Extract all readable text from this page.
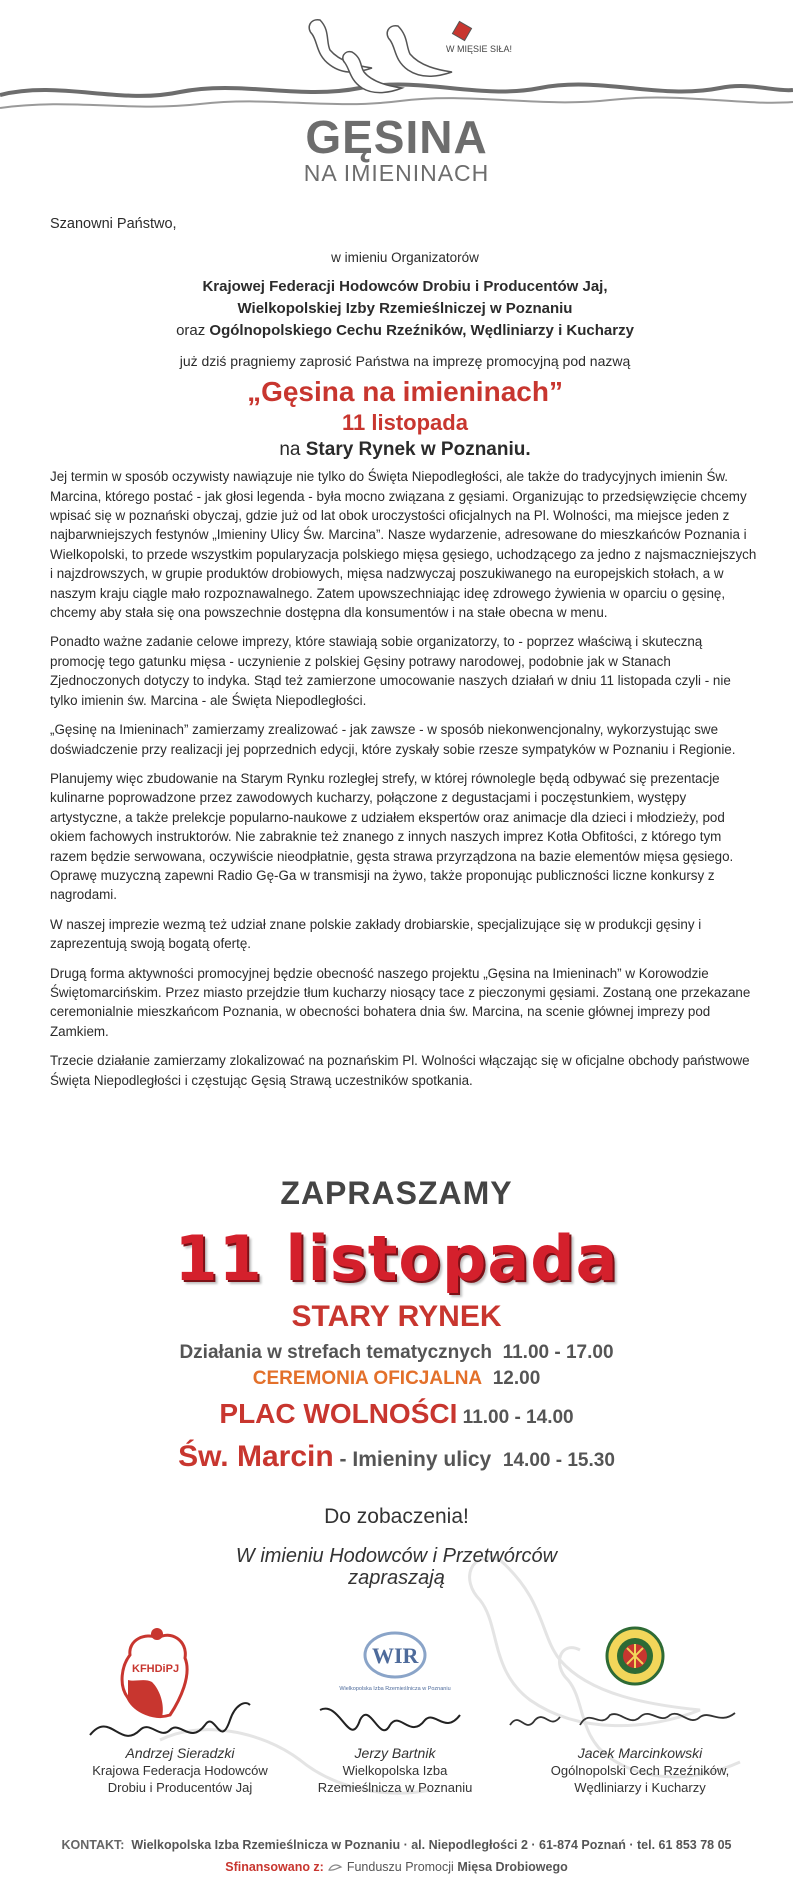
W MIĘSIE SIŁA!
GĘSINA
NA IMIENINACH

Szanowni Państwo,

w imieniu Organizatorów
Krajowej Federacji Hodowców Drobiu i Producentów Jaj,
Wielkopolskiej Izby Rzemieślniczej w Poznaniu
oraz Ogólnopolskiego Cechu Rzeźników, Wędliniarzy i Kucharzy
już dziś pragniemy zaprosić Państwa na imprezę promocyjną pod nazwą
„Gęsina na imieninach”
11 listopada
na Stary Rynek w Poznaniu.

Jej termin w sposób oczywisty nawiązuje nie tylko do Święta Niepodległości, ale także do tradycyjnych imienin Św. Marcina, którego postać - jak głosi legenda - była mocno związana z gęsiami. Organizując to przedsięwzięcie chcemy wpisać się w poznański obyczaj, gdzie już od lat obok uroczystości oficjalnych na Pl. Wolności, ma miejsce jeden z najbarwniejszych festynów „Imieniny Ulicy Św. Marcina”. Nasze wydarzenie, adresowane do mieszkańców Poznania i Wielkopolski, to przede wszystkim popularyzacja polskiego mięsa gęsiego, uchodzącego za jedno z najsmaczniejszych i najzdrowszych, w grupie produktów drobiowych, mięsa nadzwyczaj poszukiwanego na europejskich stołach, a w naszym kraju ciągle mało rozpoznawalnego. Zatem upowszechniając ideę zdrowego żywienia w oparciu o gęsinę, chcemy aby stała się ona powszechnie dostępna dla konsumentów i na stałe obecna w menu.

Ponadto ważne zadanie celowe imprezy, które stawiają sobie organizatorzy, to - poprzez właściwą i skuteczną promocję tego gatunku mięsa - uczynienie z polskiej Gęsiny potrawy narodowej, podobnie jak w Stanach Zjednoczonych dotyczy to indyka. Stąd też zamierzone umocowanie naszych działań w dniu 11 listopada czyli - nie tylko imienin św. Marcina - ale Święta Niepodległości.

„Gęsinę na Imieninach” zamierzamy zrealizować - jak zawsze - w sposób niekonwencjonalny, wykorzystując swe doświadczenie przy realizacji jej poprzednich edycji, które zyskały sobie rzesze sympatyków w Poznaniu i Regionie.

Planujemy więc zbudowanie na Starym Rynku rozległej strefy, w której równolegle będą odbywać się prezentacje kulinarne poprowadzone przez zawodowych kucharzy, połączone z degustacjami i poczęstunkiem, występy artystyczne, a także prelekcje popularno-naukowe z udziałem ekspertów oraz animacje dla dzieci i młodzieży, pod okiem fachowych instruktorów. Nie zabraknie też znanego z innych naszych imprez Kotła Obfitości, z którego tym razem będzie serwowana, oczywiście nieodpłatnie, gęsta strawa przyrządzona na bazie elementów mięsa gęsiego. Oprawę muzyczną zapewni Radio Gę-Ga w transmisji na żywo, także proponując publiczności liczne konkursy z nagrodami.

W naszej imprezie wezmą też udział znane polskie zakłady drobiarskie, specjalizujące się w produkcji gęsiny i zaprezentują swoją bogatą ofertę.

Drugą forma aktywności promocyjnej będzie obecność naszego projektu „Gęsina na Imieninach” w Korowodzie Świętomarcińskim. Przez miasto przejdzie tłum kucharzy niosący tace z pieczonymi gęsiami. Zostaną one przekazane ceremonialnie mieszkańcom Poznania, w obecności bohatera dnia św. Marcina, na scenie głównej imprezy pod Zamkiem.

Trzecie działanie zamierzamy zlokalizować na poznańskim Pl. Wolności włączając się w oficjalne obchody państwowe Święta Niepodległości i częstując Gęsią Strawą uczestników spotkania.

ZAPRASZAMY
11 listopada
STARY RYNEK
Działania w strefach tematycznych 11.00 - 17.00
CEREMONIA OFICJALNA 12.00
PLAC WOLNOŚCI 11.00 - 14.00
Św. Marcin - Imieniny ulicy 14.00 - 15.30
Do zobaczenia!
W imieniu Hodowców i Przetwórców
zapraszają
KFHDiPJ
WIR
Wielkopolska Izba Rzemieślnicza w Poznaniu
Andrzej Sieradzki
Krajowa Federacja Hodowców
Drobiu i Producentów Jaj
Jerzy Bartnik
Wielkopolska Izba
Rzemieślnicza w Poznaniu
Jacek Marcinkowski
Ogólnopolski Cech Rzeźników,
Wędliniarzy i Kucharzy
KONTAKT: Wielkopolska Izba Rzemieślnicza w Poznaniu · al. Niepodległości 2 · 61-874 Poznań · tel. 61 853 78 05
Sfinansowano z: Funduszu Promocji Mięsa Drobiowego
